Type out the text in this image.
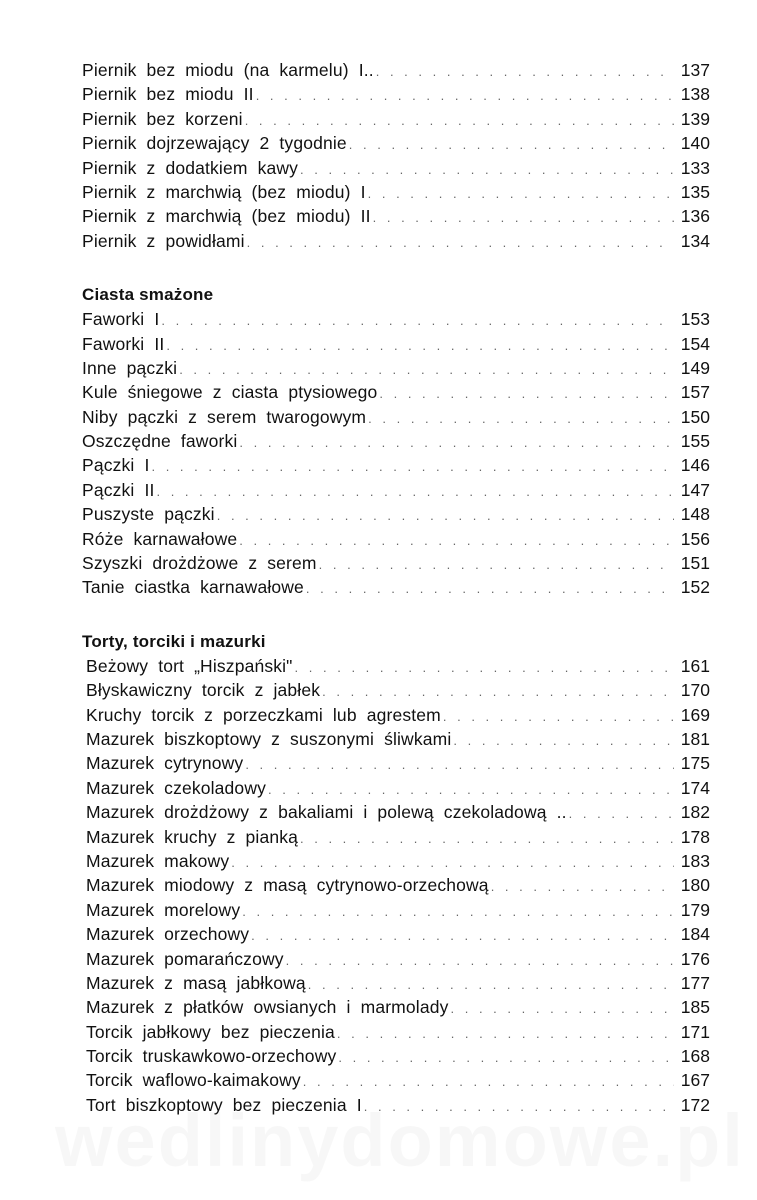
Piernik bez miodu (na karmelu) I.. . . .	137
Piernik bez miodu II . . .	138
Piernik bez korzeni . . .	139
Piernik dojrzewający 2 tygodnie . . .	140
Piernik z dodatkiem kawy . . .	133
Piernik z marchwią (bez miodu) I . . .	135
Piernik z marchwią (bez miodu) II . . .	136
Piernik z powidłami . . .	134
Ciasta smażone
Faworki I . . .	153
Faworki II . . .	154
Inne pączki . . .	149
Kule śniegowe z ciasta ptysiowego . . .	157
Niby pączki z serem twarogowym . . .	150
Oszczędne faworki . . .	155
Pączki I . . .	146
Pączki II . . .	147
Puszyste pączki . . .	148
Róże karnawałowe . . .	156
Szyszki drożdżowe z serem . . .	151
Tanie ciastka karnawałowe . . .	152
Torty, torciki i mazurki
Beżowy tort „Hiszpański" . . .	161
Błyskawiczny torcik z jabłek . . .	170
Kruchy torcik z porzeczkami lub agrestem . . .	169
Mazurek biszkoptowy z suszonymi śliwkami . . .	181
Mazurek cytrynowy . . .	175
Mazurek czekoladowy . . .	174
Mazurek drożdżowy z bakaliami i polewą czekoladową .. . . .	182
Mazurek kruchy z pianką . . .	178
Mazurek makowy . . .	183
Mazurek miodowy z masą cytrynowo-orzechową . . .	180
Mazurek morelowy . . .	179
Mazurek orzechowy . . .	184
Mazurek pomarańczowy . . .	176
Mazurek z masą jabłkową . . .	177
Mazurek z płatków owsianych i marmolady . . .	185
Torcik jabłkowy bez pieczenia . . .	171
Torcik truskawkowo-orzechowy . . .	168
Torcik waflowo-kaimakowy . . .	167
Tort biszkoptowy bez pieczenia I . . .	172
